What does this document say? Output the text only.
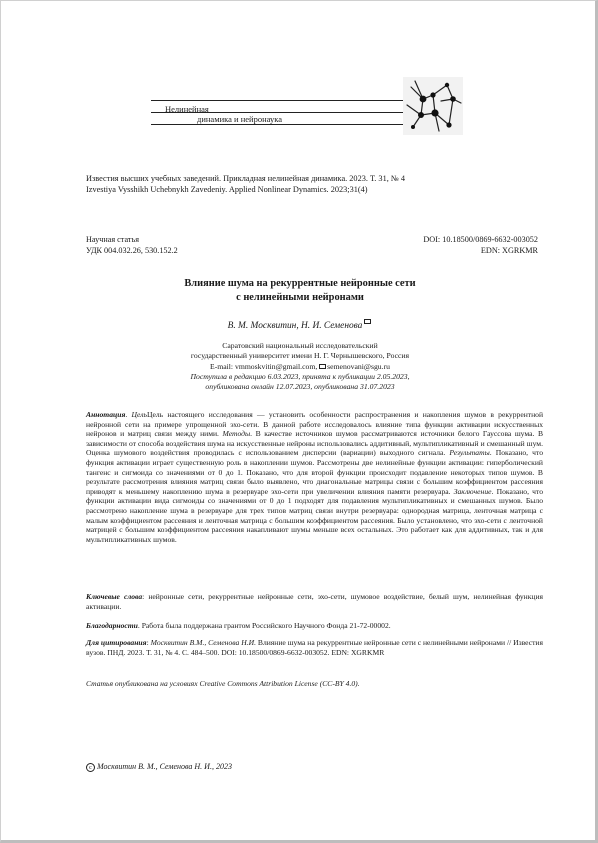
Нелинейная
динамика и нейронаука
Известия высших учебных заведений. Прикладная нелинейная динамика. 2023. Т. 31, № 4
Izvestiya Vysshikh Uchebnykh Zavedeniy. Applied Nonlinear Dynamics. 2023;31(4)
Научная статья
УДК 004.032.26, 530.152.2
DOI: 10.18500/0869-6632-003052
EDN: XGRKMR
Влияние шума на рекуррентные нейронные сети
с нелинейными нейронами
В. М. Москвитин, Н. И. Семенова
Саратовский национальный исследовательский
государственный университет имени Н. Г. Чернышевского, Россия
E-mail: vmmoskvitin@gmail.com, semenovani@sgu.ru
Поступила в редакцию 6.03.2023, принята к публикации 2.05.2023,
опубликована онлайн 12.07.2023, опубликована 31.07.2023
Аннотация. ЦельЦель настоящего исследования — установить особенности распространения и накопления шумов в рекуррентной нейронной сети на примере упрощенной эхо-сети. В данной работе исследовалось влияние типа функции активации искусственных нейронов и матриц связи между ними. Методы. В качестве источников шумов рассматриваются источники белого Гауссова шума. В зависимости от способа воздействия шума на искусственные нейроны использовались аддитивный, мультипликативный и смешанный шум. Оценка шумового воздействия проводилась с использованием дисперсии (вариации) выходного сигнала. Результаты. Показано, что функция активации играет существенную роль в накоплении шумов. Рассмотрены две нелинейные функции активации: гиперболический тангенс и сигмоида со значениями от 0 до 1. Показано, что для второй функции происходит подавление некоторых типов шумов. В результате рассмотрения влияния матриц связи было выявлено, что диагональные матрицы связи с большим коэффициентом рассеяния приводят к меньшему накоплению шума в резервуаре эхо-сети при увеличении влияния памяти резервуара. Заключение. Показано, что функции активации вида сигмоиды со значениями от 0 до 1 подходят для подавления мультипликативных и смешанных шумов. Было рассмотрено накопление шума в резервуаре для трех типов матриц связи внутри резервуара: однородная матрица, ленточная матрица с малым коэффициентом рассеяния и ленточная матрица с большим коэффициентом рассеяния. Было установлено, что эхо-сети с ленточной матрицей с большим коэффициентом рассеяния накапливают шумы меньше всех остальных. Это работает как для аддитивных, так и для мультипликативных шумов.
Ключевые слова: нейронные сети, рекуррентные нейронные сети, эхо-сети, шумовое воздействие, белый шум, нелинейная функция активации.
Благодарности. Работа была поддержана грантом Российского Научного Фонда 21-72-00002.
Для цитирования: Москвитин В.М., Семенова Н.И. Влияние шума на рекуррентные нейронные сети с нелинейными нейронами // Известия вузов. ПНД. 2023. Т. 31, № 4. С. 484–500. DOI: 10.18500/0869-6632-003052. EDN: XGRKMR
Статья опубликована на условиях Creative Commons Attribution License (CC-BY 4.0).
c Москвитин В. М., Семенова Н. И., 2023
